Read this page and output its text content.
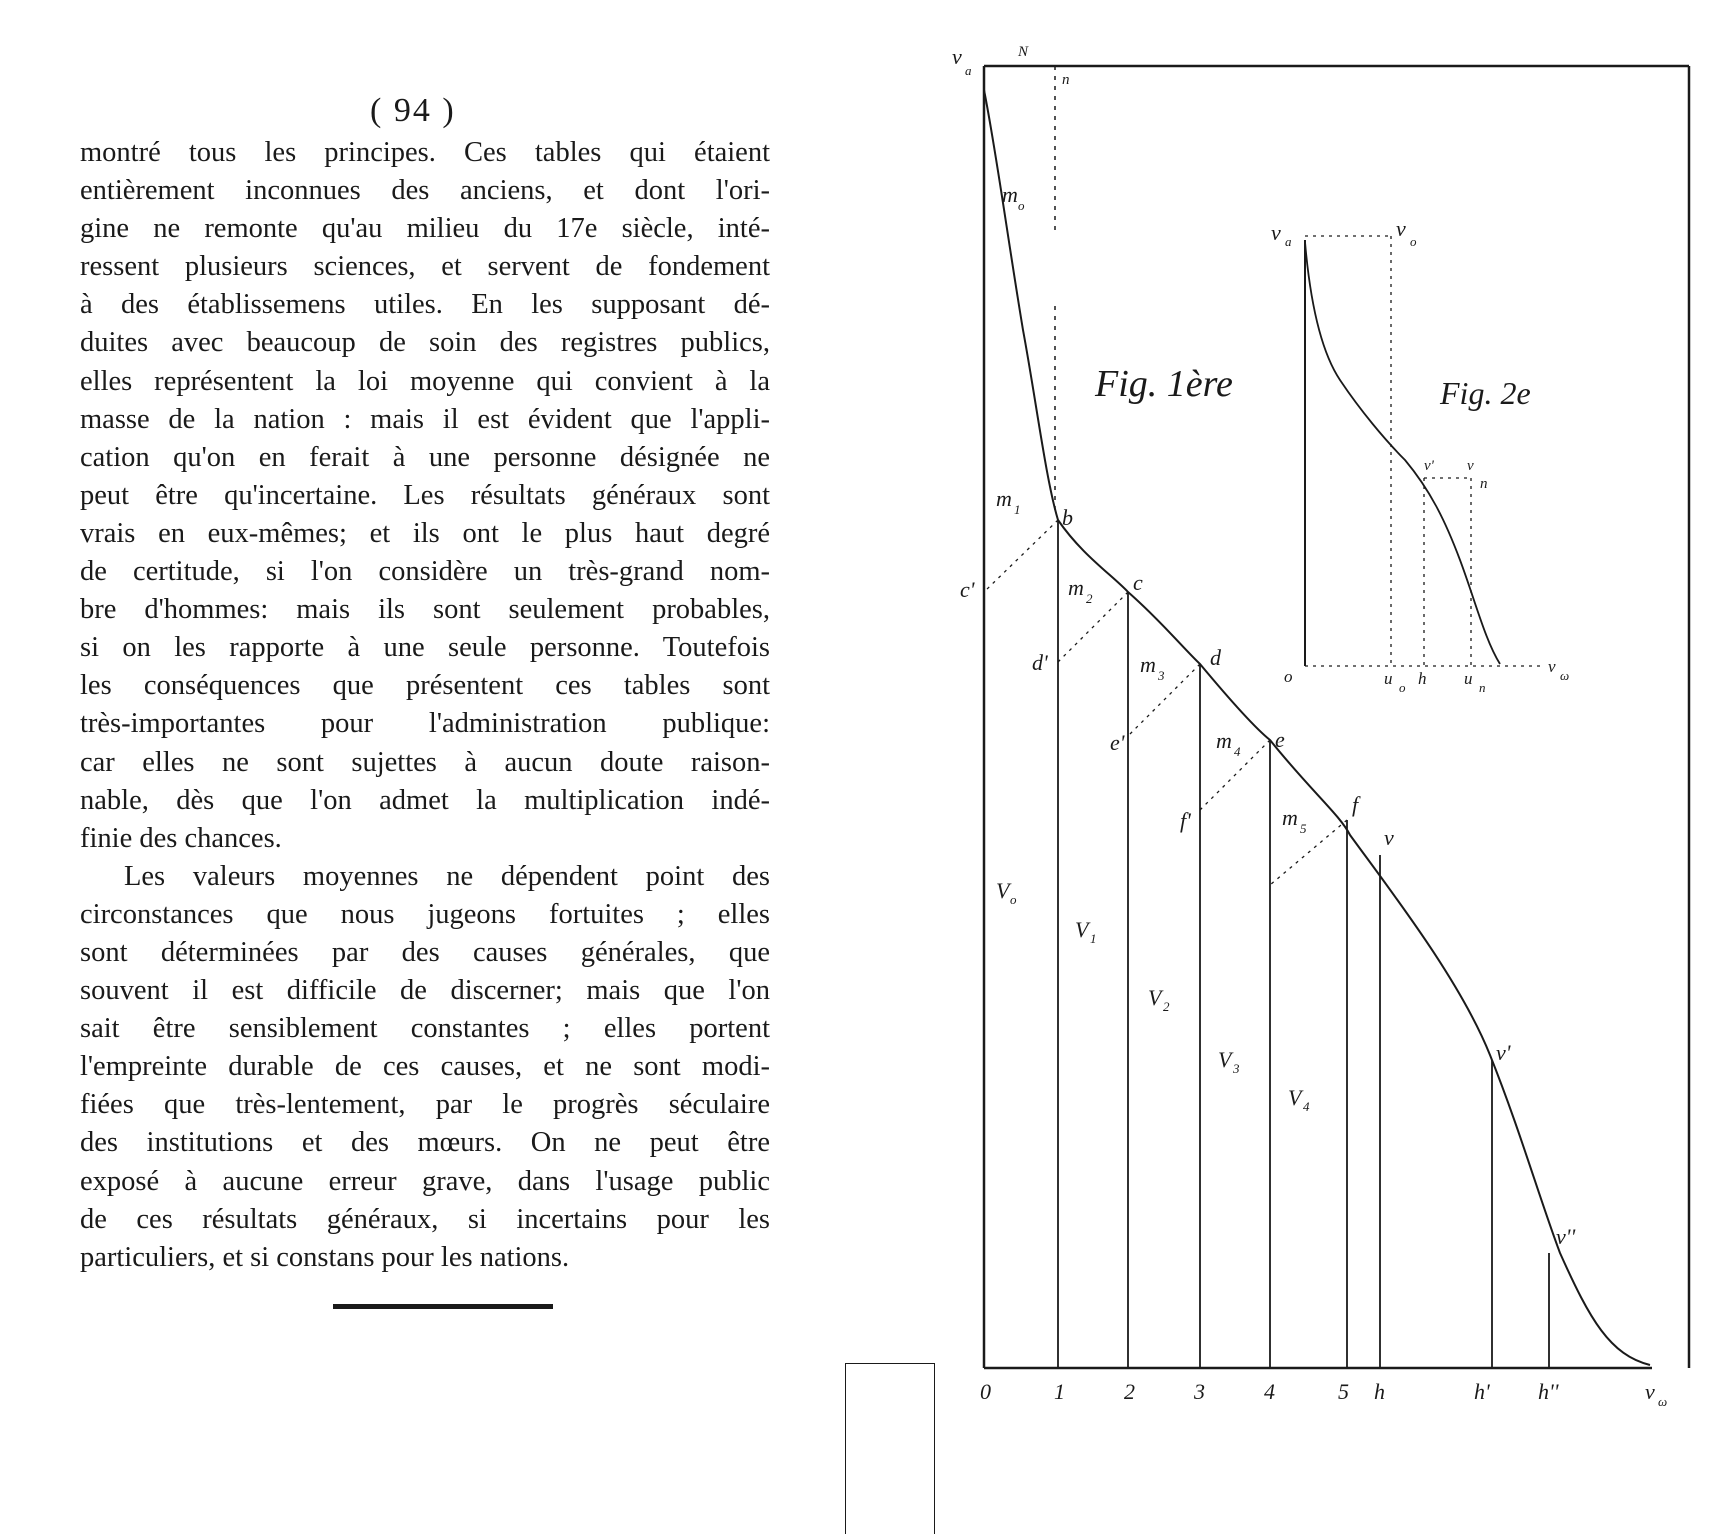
( 94 )
montré tous les principes. Ces tables qui étaient
entièrement inconnues des anciens, et dont l'ori-
gine ne remonte qu'au milieu du 17e siècle, inté-
ressent plusieurs sciences, et servent de fondement
à des établissemens utiles. En les supposant dé-
duites avec beaucoup de soin des registres publics,
elles représentent la loi moyenne qui convient à la
masse de la nation : mais il est évident que l'appli-
cation qu'on en ferait à une personne désignée ne
peut être qu'incertaine. Les résultats généraux sont
vrais en eux-mêmes; et ils ont le plus haut degré
de certitude, si l'on considère un très-grand nom-
bre d'hommes: mais ils sont seulement probables,
si on les rapporte à une seule personne. Toutefois
les conséquences que présentent ces tables sont
très-importantes pour l'administration publique:
car elles ne sont sujettes à aucun doute raison-
nable, dès que l'on admet la multiplication indé-
finie des chances.
Les valeurs moyennes ne dépendent point des
circonstances que nous jugeons fortuites ; elles
sont déterminées par des causes générales, que
souvent il est difficile de discerner; mais que l'on
sait être sensiblement constantes ; elles portent
l'empreinte durable de ces causes, et ne sont modi-
fiées que très-lentement, par le progrès séculaire
des institutions et des mœurs. On ne peut être
exposé à aucune erreur grave, dans l'usage public
de ces résultats généraux, si incertains pour les
particuliers, et si constans pour les nations.
v
a
N
n
m o
m 1 b
c'	m 2
c
d'	m 3
d
e'	m 4 e
f'	m 5
f
v
v'
v''
V o
V 1
V 2
V 3
V 4
Fig. 1ère
0	1	2	3	4	5 h	h' h''	v ω
v a
v
o
Fig. 2e
v' v
n
o	u o h u n
v ω
